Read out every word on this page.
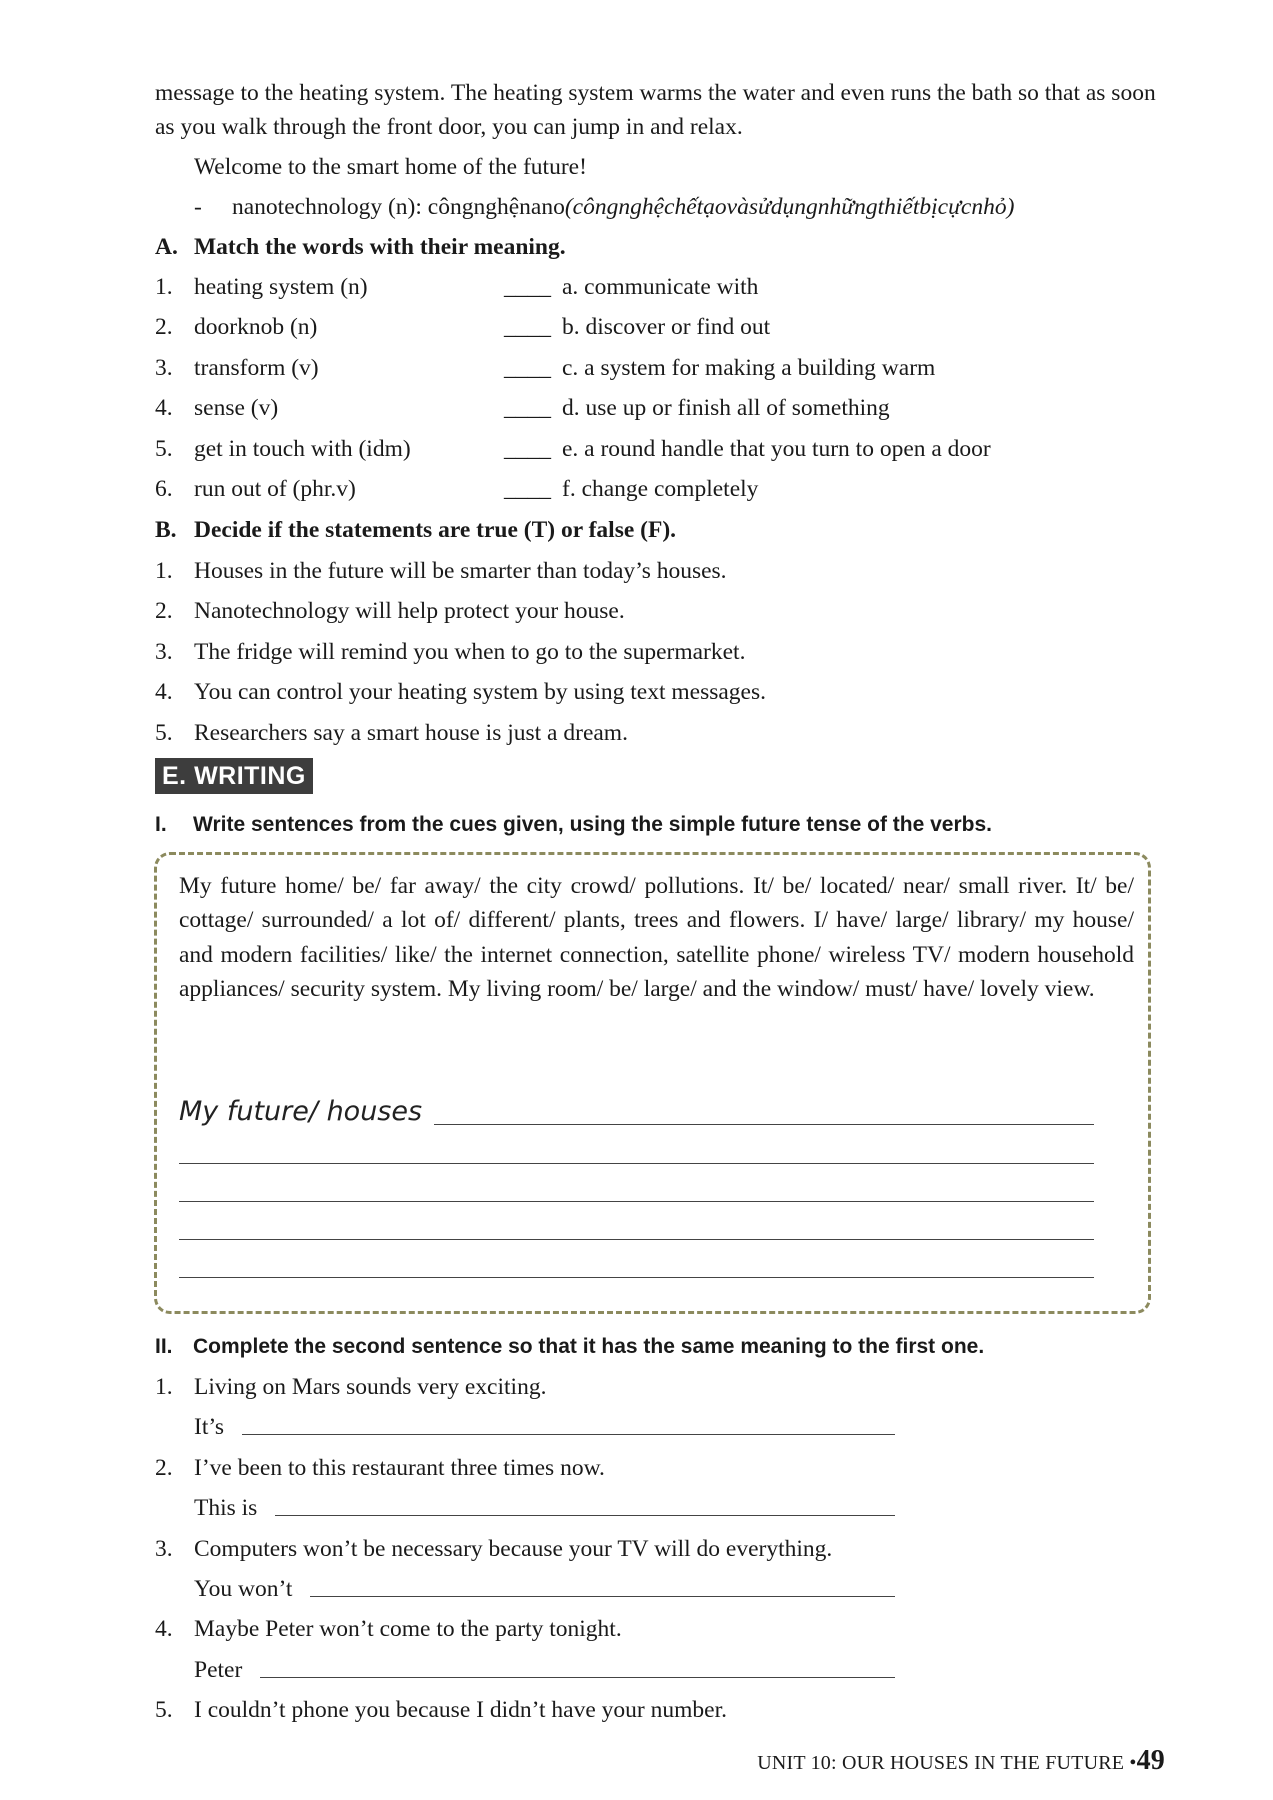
message to the heating system. The heating system warms the water and even runs the bath so that as soon as you walk through the front door, you can jump in and relax.

Welcome to the smart home of the future!

- nanotechnology (n): côngnghệnano(côngnghệchếtạovàsửdụngnhữngthiếtbịcựcnhỏ)

A. Match the words with their meaning.

1. heating system (n)	____ a. communicate with
2. doorknob (n)	____ b. discover or find out
3. transform (v)	____ c. a system for making a building warm
4. sense (v)	____ d. use up or finish all of something
5. get in touch with (idm)	____ e. a round handle that you turn to open a door
6. run out of (phr.v)	____ f. change completely

B. Decide if the statements are true (T) or false (F).

1. Houses in the future will be smarter than today’s houses.
2. Nanotechnology will help protect your house.
3. The fridge will remind you when to go to the supermarket.
4. You can control your heating system by using text messages.
5. Researchers say a smart house is just a dream.
E. WRITING

I. Write sentences from the cues given, using the simple future tense of the verbs.

My future home/ be/ far away/ the city crowd/ pollutions. It/ be/ located/ near/ small river. It/ be/ cottage/ surrounded/ a lot of/ different/ plants, trees and flowers. I/ have/ large/ library/ my house/ and modern facilities/ like/ the internet connection, satellite phone/ wireless TV/ modern household appliances/ security system. My living room/ be/ large/ and the window/ must/ have/ lovely view.

My future/ houses

II. Complete the second sentence so that it has the same meaning to the first one.

1. Living on Mars sounds very exciting.
It’s
2. I’ve been to this restaurant three times now.
This is
3. Computers won’t be necessary because your TV will do everything.
You won’t
4. Maybe Peter won’t come to the party tonight.
Peter
5. I couldn’t phone you because I didn’t have your number.
UNIT 10: OUR HOUSES IN THE FUTURE •49
